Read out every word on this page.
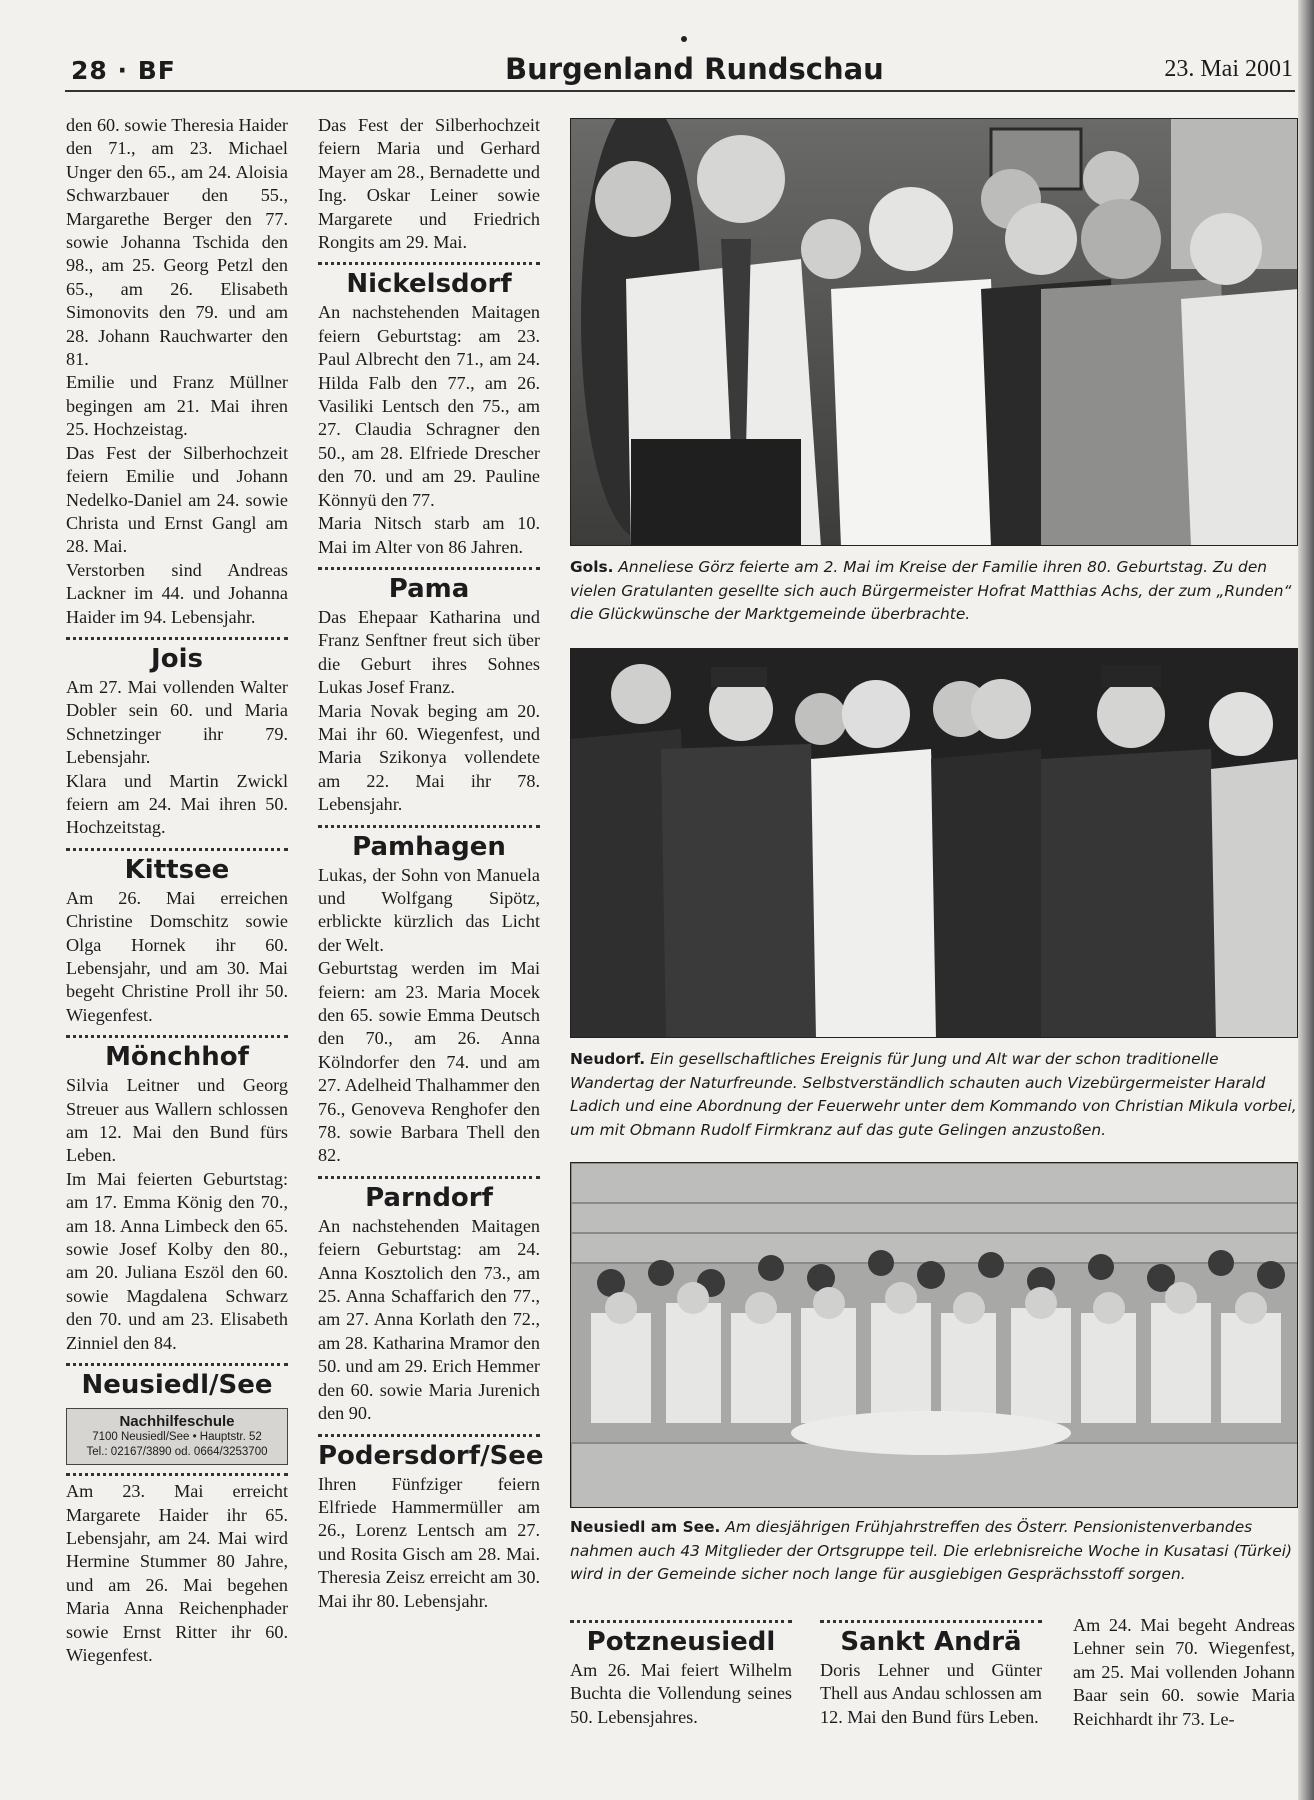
28 · BF	Burgenland Rundschau	23. Mai 2001

den 60. sowie Theresia Haider den 71., am 23. Michael Unger den 65., am 24. Aloisia Schwarzbauer den 55., Margarethe Berger den 77. sowie Johanna Tschida den 98., am 25. Georg Petzl den 65., am 26. Elisabeth Simonovits den 79. und am 28. Johann Rauchwarter den 81.

Emilie und Franz Müllner begingen am 21. Mai ihren 25. Hochzeistag.

Das Fest der Silberhochzeit feiern Emilie und Johann Nedelko-Daniel am 24. sowie Christa und Ernst Gangl am 28. Mai.

Verstorben sind Andreas Lackner im 44. und Johanna Haider im 94. Lebensjahr.

Jois

Am 27. Mai vollenden Walter Dobler sein 60. und Maria Schnetzinger ihr 79. Lebensjahr.

Klara und Martin Zwickl feiern am 24. Mai ihren 50. Hochzeitstag.

Kittsee

Am 26. Mai erreichen Christine Domschitz sowie Olga Hornek ihr 60. Lebensjahr, und am 30. Mai begeht Christine Proll ihr 50. Wiegenfest.

Mönchhof

Silvia Leitner und Georg Streuer aus Wallern schlossen am 12. Mai den Bund fürs Leben.

Im Mai feierten Geburtstag: am 17. Emma König den 70., am 18. Anna Limbeck den 65. sowie Josef Kolby den 80., am 20. Juliana Eszöl den 60. sowie Magdalena Schwarz den 70. und am 23. Elisabeth Zinniel den 84.

Neusiedl/See
Nachhilfeschule
7100 Neusiedl/See • Hauptstr. 52
Tel.: 02167/3890 od. 0664/3253700

Am 23. Mai erreicht Margarete Haider ihr 65. Lebensjahr, am 24. Mai wird Hermine Stummer 80 Jahre, und am 26. Mai begehen Maria Anna Reichenphader sowie Ernst Ritter ihr 60. Wiegenfest.

Das Fest der Silberhochzeit feiern Maria und Gerhard Mayer am 28., Bernadette und Ing. Oskar Leiner sowie Margarete und Friedrich Rongits am 29. Mai.

Nickelsdorf

An nachstehenden Maitagen feiern Geburtstag: am 23. Paul Albrecht den 71., am 24. Hilda Falb den 77., am 26. Vasiliki Lentsch den 75., am 27. Claudia Schragner den 50., am 28. Elfriede Drescher den 70. und am 29. Pauline Könnyü den 77.

Maria Nitsch starb am 10. Mai im Alter von 86 Jahren.

Pama

Das Ehepaar Katharina und Franz Senftner freut sich über die Geburt ihres Sohnes Lukas Josef Franz.

Maria Novak beging am 20. Mai ihr 60. Wiegenfest, und Maria Szikonya vollendete am 22. Mai ihr 78. Lebensjahr.

Pamhagen

Lukas, der Sohn von Manuela und Wolfgang Sipötz, erblickte kürzlich das Licht der Welt.

Geburtstag werden im Mai feiern: am 23. Maria Mocek den 65. sowie Emma Deutsch den 70., am 26. Anna Kölndorfer den 74. und am 27. Adelheid Thalhammer den 76., Genoveva Renghofer den 78. sowie Barbara Thell den 82.

Parndorf

An nachstehenden Maitagen feiern Geburtstag: am 24. Anna Kosztolich den 73., am 25. Anna Schaffarich den 77., am 27. Anna Korlath den 72., am 28. Katharina Mramor den 50. und am 29. Erich Hemmer den 60. sowie Maria Jurenich den 90.

Podersdorf/See

Ihren Fünfziger feiern Elfriede Hammermüller am 26., Lorenz Lentsch am 27. und Rosita Gisch am 28. Mai. Theresia Zeisz erreicht am 30. Mai ihr 80. Lebensjahr.

Gols. Anneliese Görz feierte am 2. Mai im Kreise der Familie ihren 80. Geburtstag. Zu den vielen Gratulanten gesellte sich auch Bürgermeister Hofrat Matthias Achs, der zum „Runden“ die Glückwünsche der Marktgemeinde überbrachte.
Neudorf. Ein gesellschaftliches Ereignis für Jung und Alt war der schon traditionelle Wandertag der Naturfreunde. Selbstverständlich schauten auch Vizebürgermeister Harald Ladich und eine Abordnung der Feuerwehr unter dem Kommando von Christian Mikula vorbei, um mit Obmann Rudolf Firmkranz auf das gute Gelingen anzustoßen.
Neusiedl am See. Am diesjährigen Frühjahrstreffen des Österr. Pensionistenverbandes nahmen auch 43 Mitglieder der Ortsgruppe teil. Die erlebnisreiche Woche in Kusatasi (Türkei) wird in der Gemeinde sicher noch lange für ausgiebigen Gesprächsstoff sorgen.
Potzneusiedl

Am 26. Mai feiert Wilhelm Buchta die Vollendung seines 50. Lebensjahres.

Sankt Andrä

Doris Lehner und Günter Thell aus Andau schlossen am 12. Mai den Bund fürs Leben.

Am 24. Mai begeht Andreas Lehner sein 70. Wiegenfest, am 25. Mai vollenden Johann Baar sein 60. sowie Maria Reichhardt ihr 73. Le-
